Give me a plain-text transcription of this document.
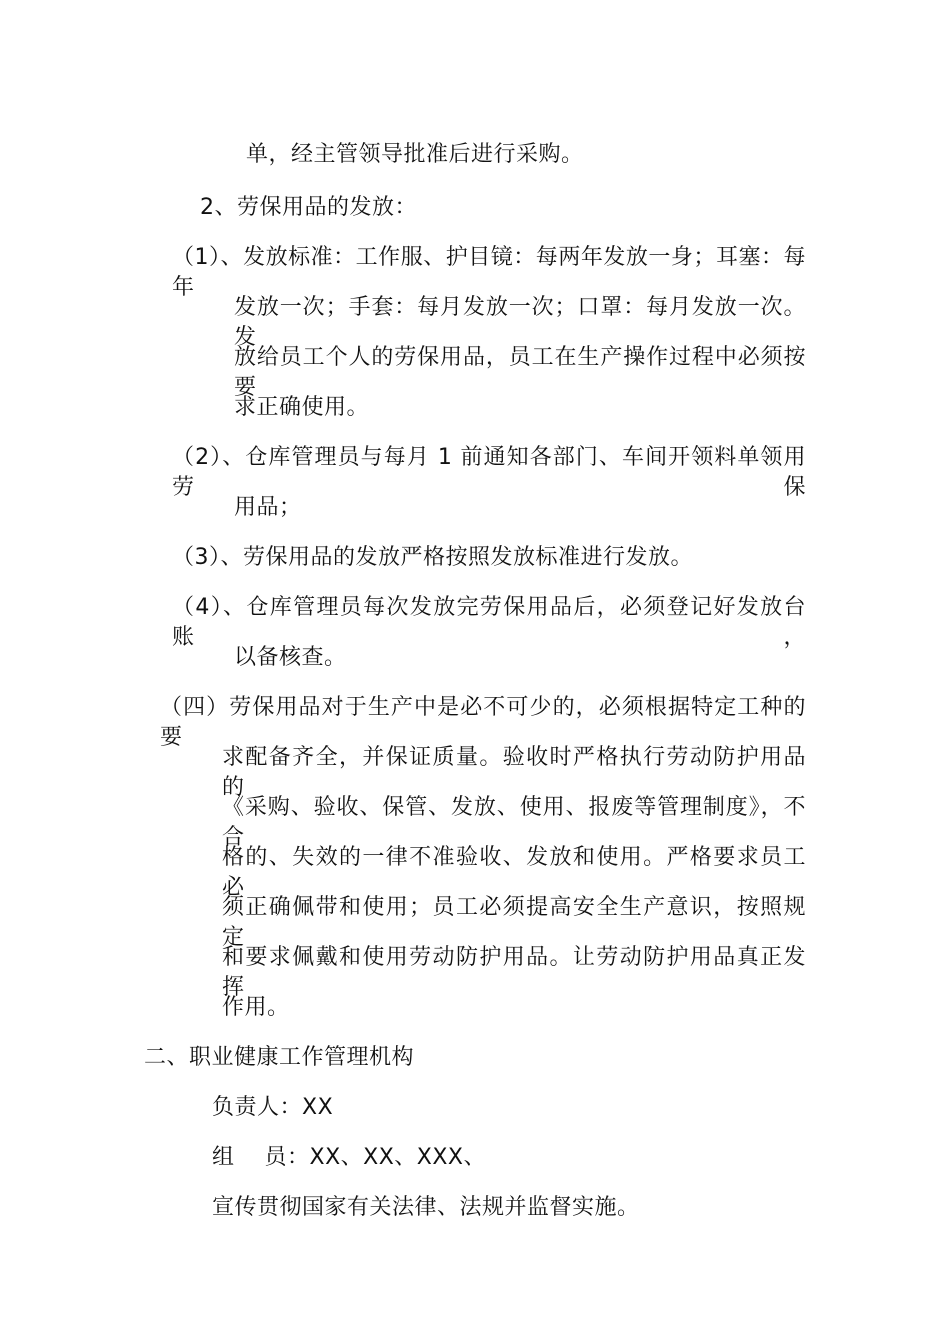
单，经主管领导批准后进行采购。

2、劳保用品的发放：

（1）、发放标准：工作服、护目镜：每两年发放一身；耳塞：每年

发放一次；手套：每月发放一次；口罩：每月发放一次。发

放给员工个人的劳保用品，员工在生产操作过程中必须按要

求正确使用。

（2）、仓库管理员与每月 1 前通知各部门、车间开领料单领用劳保

用品；

（3）、劳保用品的发放严格按照发放标准进行发放。

（4）、仓库管理员每次发放完劳保用品后，必须登记好发放台账，

以备核查。

（四）劳保用品对于生产中是必不可少的，必须根据特定工种的要

求配备齐全，并保证质量。验收时严格执行劳动防护用品的

《采购、验收、保管、发放、使用、报废等管理制度》，不合

格的、失效的一律不准验收、发放和使用。严格要求员工必

须正确佩带和使用；员工必须提高安全生产意识，按照规定

和要求佩戴和使用劳动防护用品。让劳动防护用品真正发挥

作用。

二、职业健康工作管理机构

负责人：XX

组　 员：XX、XX、XXX、

宣传贯彻国家有关法律、法规并监督实施。
